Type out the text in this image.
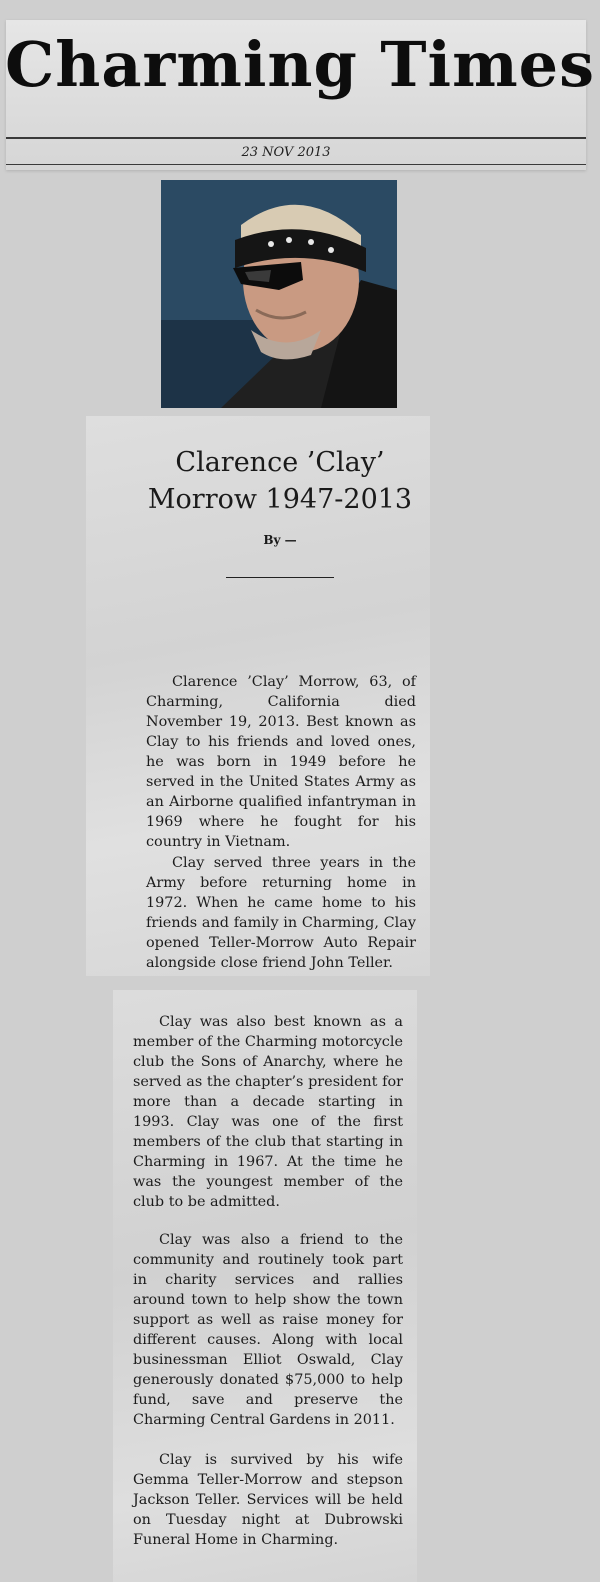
Charming Times
23 NOV 2013
Clarence ’Clay’ Morrow 1947-2013
By —

Clarence ’Clay’ Morrow, 63, of Charming, California died November 19, 2013. Best known as Clay to his friends and loved ones, he was born in 1949 before he served in the United States Army as an Airborne qualified infantryman in 1969 where he fought for his country in Vietnam.

Clay served three years in the Army before returning home in 1972. When he came home to his friends and family in Charming, Clay opened Teller-Morrow Auto Repair alongside close friend John Teller.

Clay was also best known as a member of the Charming motorcycle club the Sons of Anarchy, where he served as the chapter’s president for more than a decade starting in 1993. Clay was one of the first members of the club that starting in Charming in 1967. At the time he was the youngest member of the club to be admitted.

Clay was also a friend to the community and routinely took part in charity services and rallies around town to help show the town support as well as raise money for different causes. Along with local businessman Elliot Oswald, Clay generously donated $75,000 to help fund, save and preserve the Charming Central Gardens in 2011.

Clay is survived by his wife Gemma Teller-Morrow and stepson Jackson Teller. Services will be held on Tuesday night at Dubrowski Funeral Home in Charming.
